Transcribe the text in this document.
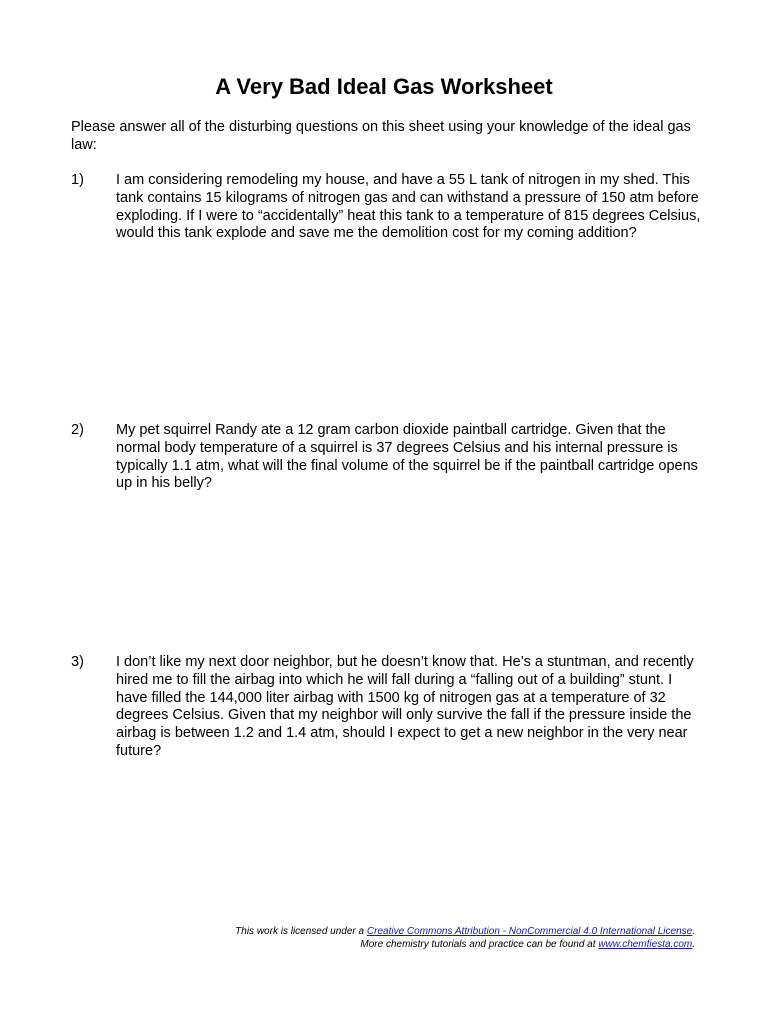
A Very Bad Ideal Gas Worksheet

Please answer all of the disturbing questions on this sheet using your knowledge of the ideal gas law:

1) I am considering remodeling my house, and have a 55 L tank of nitrogen in my shed. This tank contains 15 kilograms of nitrogen gas and can withstand a pressure of 150 atm before exploding. If I were to “accidentally” heat this tank to a temperature of 815 degrees Celsius, would this tank explode and save me the demolition cost for my coming addition?

2) My pet squirrel Randy ate a 12 gram carbon dioxide paintball cartridge. Given that the normal body temperature of a squirrel is 37 degrees Celsius and his internal pressure is typically 1.1 atm, what will the final volume of the squirrel be if the paintball cartridge opens up in his belly?

3) I don’t like my next door neighbor, but he doesn’t know that. He’s a stuntman, and recently hired me to fill the airbag into which he will fall during a “falling out of a building” stunt. I have filled the 144,000 liter airbag with 1500 kg of nitrogen gas at a temperature of 32 degrees Celsius. Given that my neighbor will only survive the fall if the pressure inside the airbag is between 1.2 and 1.4 atm, should I expect to get a new neighbor in the very near future?

This work is licensed under a Creative Commons Attribution - NonCommercial 4.0 International License.
More chemistry tutorials and practice can be found at www.chemfiesta.com.
